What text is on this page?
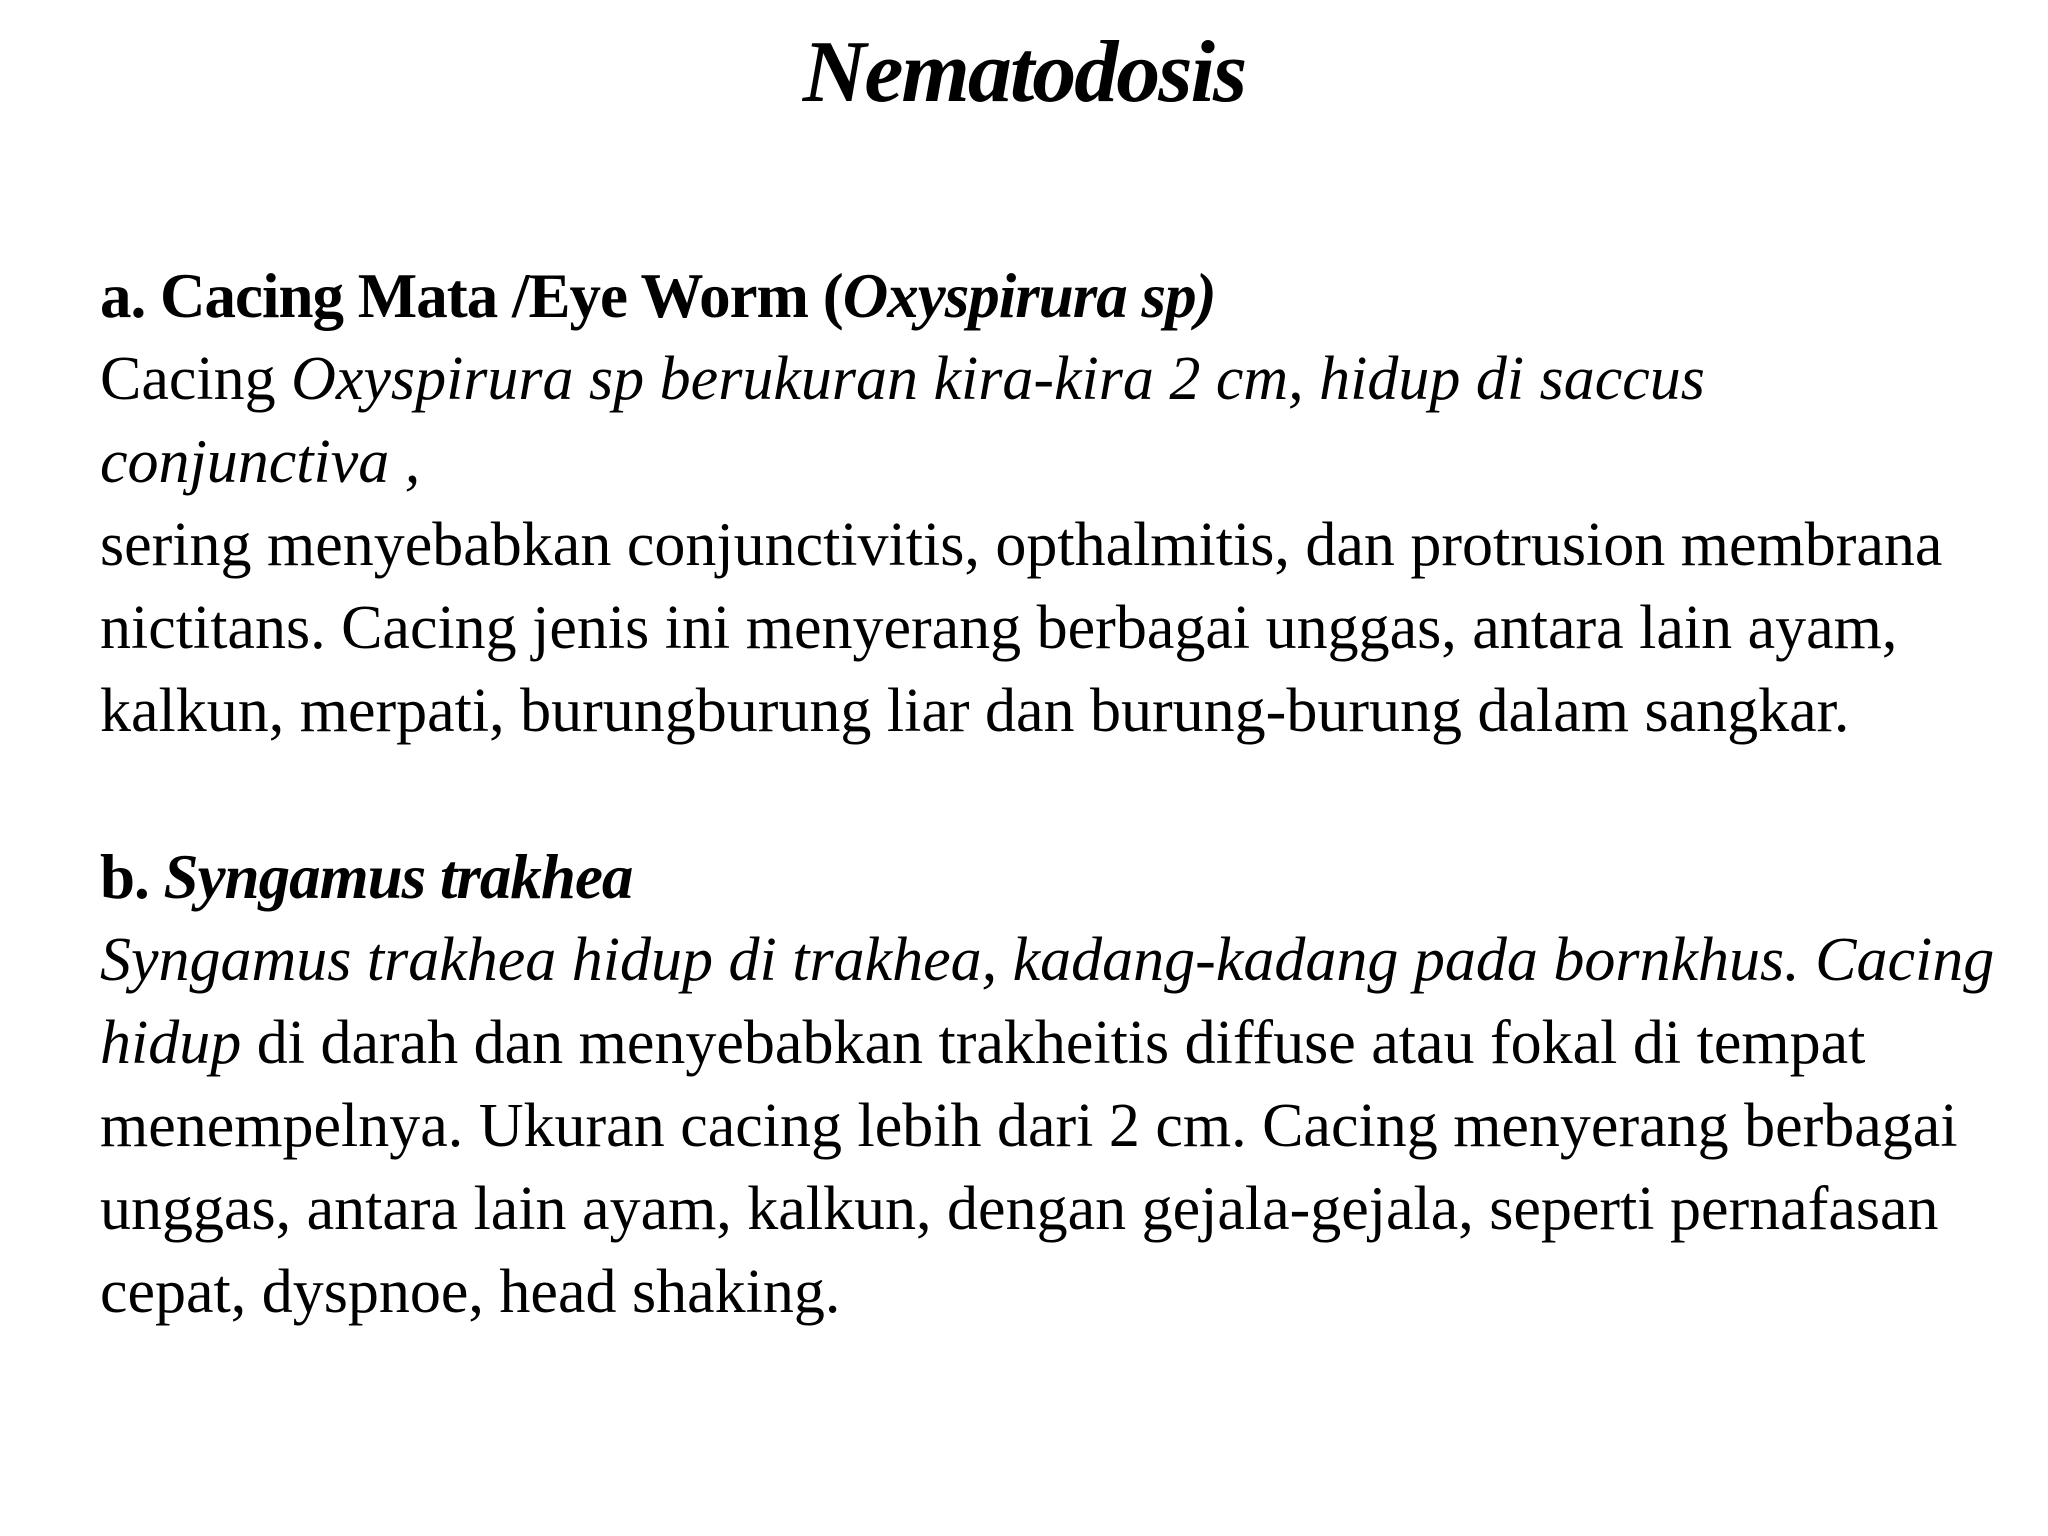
Nematodosis

a. Cacing Mata /Eye Worm (Oxyspirura sp)

Cacing Oxyspirura sp berukuran kira-kira 2 cm, hidup di saccus conjunctiva ,

sering menyebabkan conjunctivitis, opthalmitis, dan protrusion membrana nictitans. Cacing jenis ini menyerang berbagai unggas, antara lain ayam, kalkun, merpati, burungburung liar dan burung-burung dalam sangkar.

b. Syngamus trakhea

Syngamus trakhea hidup di trakhea, kadang-kadang pada bornkhus. Cacing hidup di darah dan menyebabkan trakheitis diffuse atau fokal di tempat menempelnya. Ukuran cacing lebih dari 2 cm. Cacing menyerang berbagai unggas, antara lain ayam, kalkun, dengan gejala-gejala, seperti pernafasan cepat, dyspnoe, head shaking.
